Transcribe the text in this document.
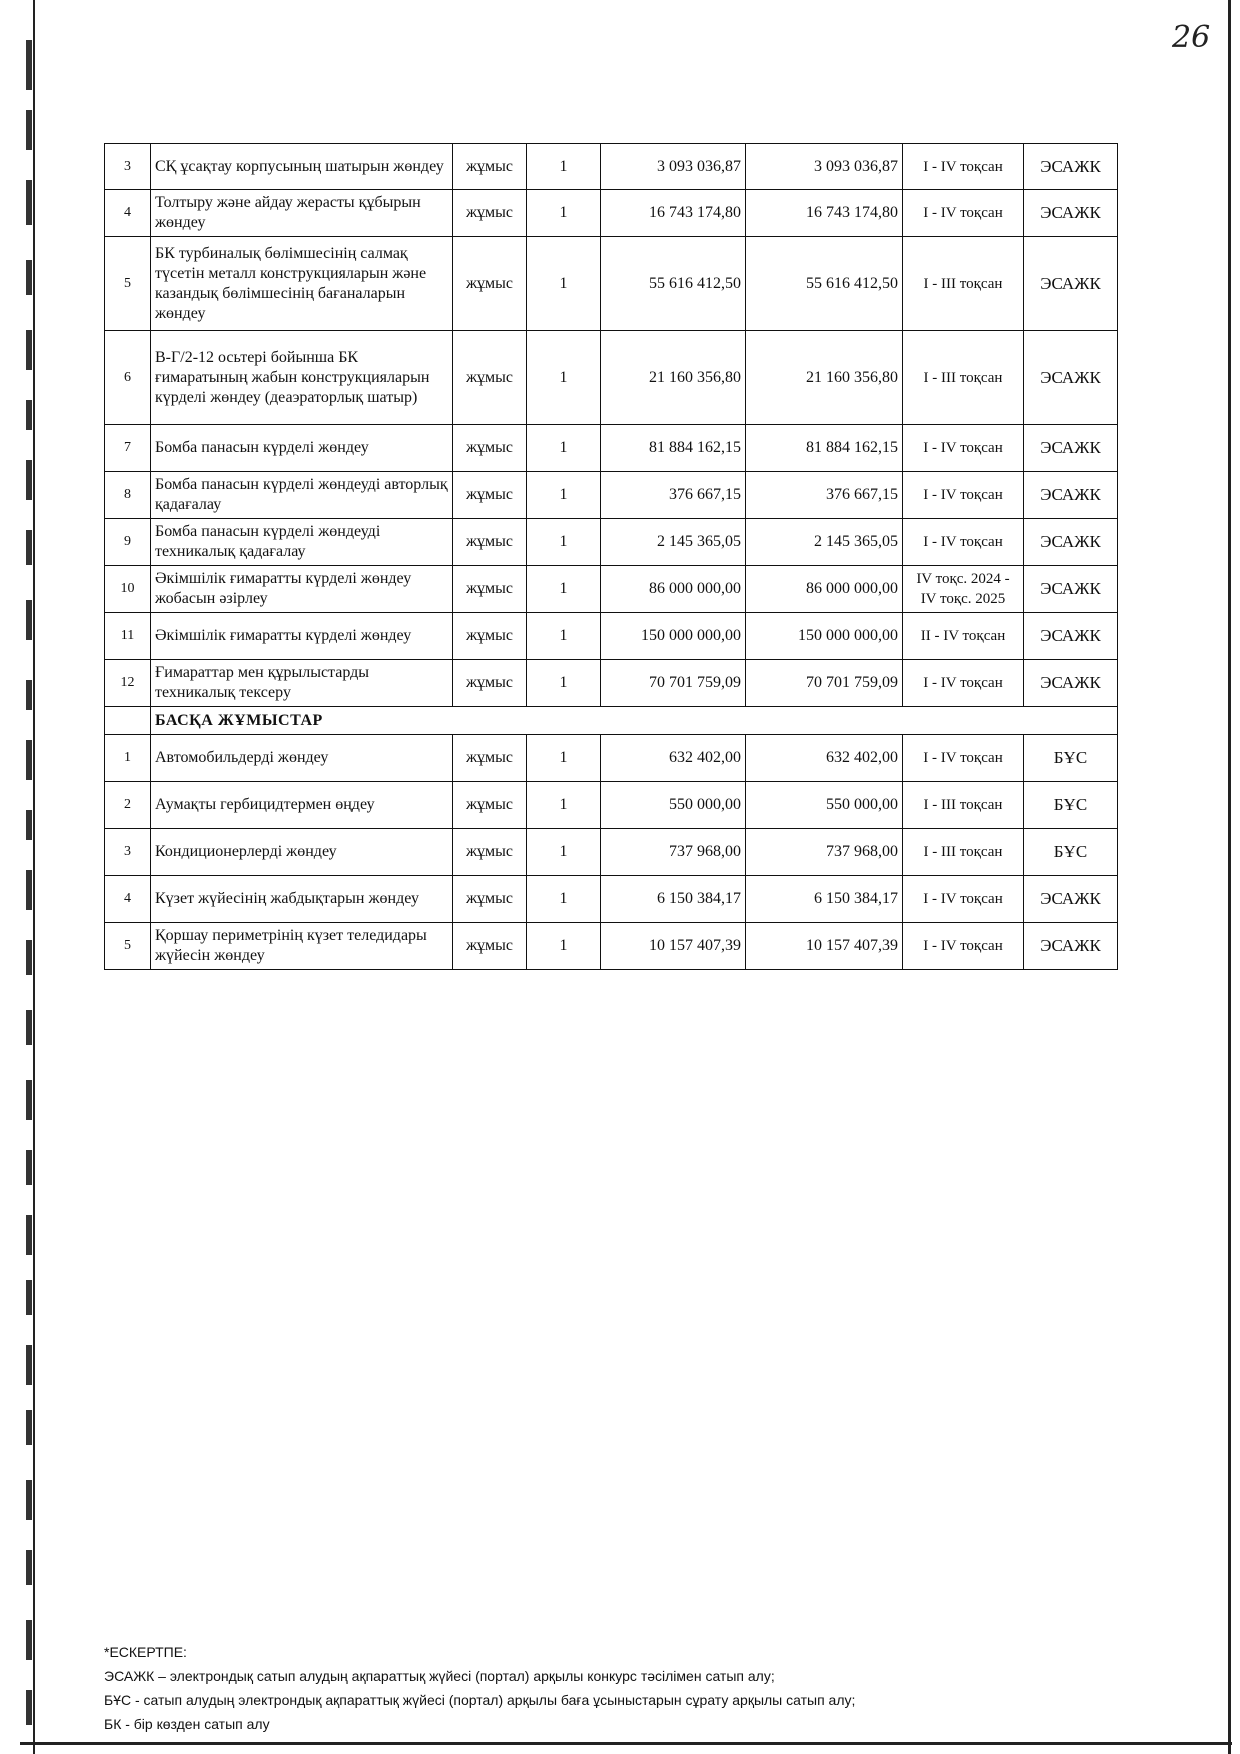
26
3	СҚ ұсақтау корпусының шатырын жөндеу	жұмыс	1	3 093 036,87	3 093 036,87	I - IV тоқсан	ЭСАЖК
4	Толтыру және айдау жерасты құбырын жөндеу	жұмыс	1	16 743 174,80	16 743 174,80	I - IV тоқсан	ЭСАЖК
5	БК турбиналық бөлімшесінің салмақ түсетін металл конструкцияларын және казандық бөлімшесінің бағаналарын жөндеу	жұмыс	1	55 616 412,50	55 616 412,50	I - III тоқсан	ЭСАЖК
6	В-Г/2-12 осьтері бойынша БК ғимаратының жабын конструкцияларын күрделі жөндеу (деаэраторлық шатыр)	жұмыс	1	21 160 356,80	21 160 356,80	I - III тоқсан	ЭСАЖК
7	Бомба панасын күрделі жөндеу	жұмыс	1	81 884 162,15	81 884 162,15	I - IV тоқсан	ЭСАЖК
8	Бомба панасын күрделі жөндеуді авторлық қадағалау	жұмыс	1	376 667,15	376 667,15	I - IV тоқсан	ЭСАЖК
9	Бомба панасын күрделі жөндеуді техникалық қадағалау	жұмыс	1	2 145 365,05	2 145 365,05	I - IV тоқсан	ЭСАЖК
10	Әкімшілік ғимаратты күрделі жөндеу жобасын әзірлеу	жұмыс	1	86 000 000,00	86 000 000,00	IV тоқс. 2024 - IV тоқс. 2025	ЭСАЖК
11	Әкімшілік ғимаратты күрделі жөндеу	жұмыс	1	150 000 000,00	150 000 000,00	II - IV тоқсан	ЭСАЖК
12	Ғимараттар мен құрылыстарды техникалық тексеру	жұмыс	1	70 701 759,09	70 701 759,09	I - IV тоқсан	ЭСАЖК
	БАСҚА ЖҰМЫСТАР						
1	Автомобильдерді жөндеу	жұмыс	1	632 402,00	632 402,00	I - IV тоқсан	БҰС
2	Аумақты гербицидтермен өңдеу	жұмыс	1	550 000,00	550 000,00	I - III тоқсан	БҰС
3	Кондиционерлерді жөндеу	жұмыс	1	737 968,00	737 968,00	I - III тоқсан	БҰС
4	Күзет жүйесінің жабдықтарын жөндеу	жұмыс	1	6 150 384,17	6 150 384,17	I - IV тоқсан	ЭСАЖК
5	Қоршау периметрінің күзет теледидары жүйесін жөндеу	жұмыс	1	10 157 407,39	10 157 407,39	I - IV тоқсан	ЭСАЖК
*ЕСКЕРТПЕ:
ЭСАЖК – электрондық сатып алудың ақпараттық жүйесі (портал) арқылы конкурс тәсілімен сатып алу;
БҰС - сатып алудың электрондық ақпараттық жүйесі (портал) арқылы баға ұсыныстарын сұрату арқылы сатып алу;
БК - бір көзден сатып алу
